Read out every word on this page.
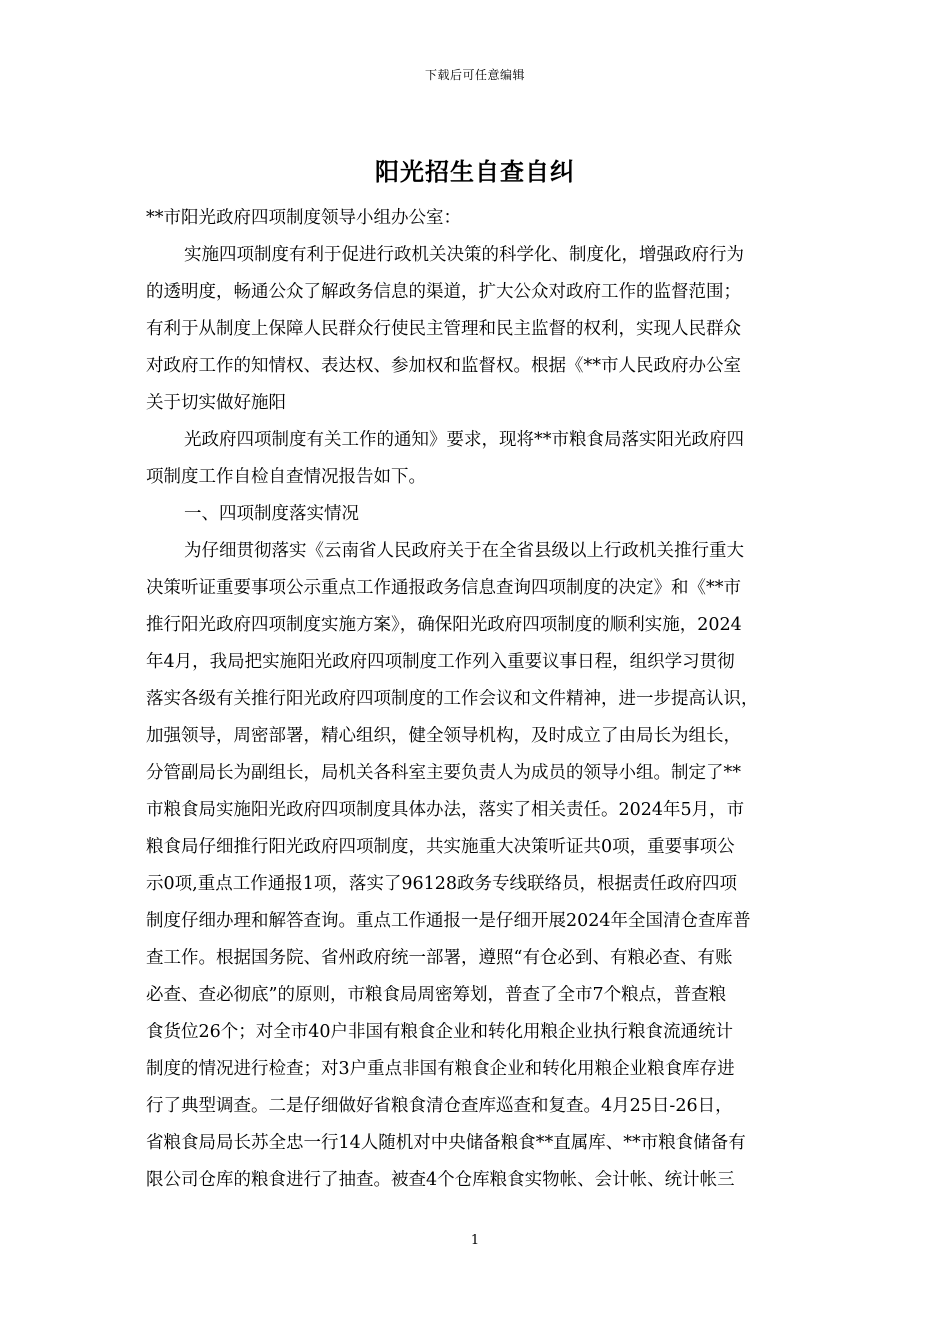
下载后可任意编辑
阳光招生自查自纠
**市阳光政府四项制度领导小组办公室：
实施四项制度有利于促进行政机关决策的科学化、制度化，增强政府行为
的透明度，畅通公众了解政务信息的渠道，扩大公众对政府工作的监督范围；
有利于从制度上保障人民群众行使民主管理和民主监督的权利，实现人民群众
对政府工作的知情权、表达权、参加权和监督权。根据《**市人民政府办公室
关于切实做好施阳
光政府四项制度有关工作的通知》要求，现将**市粮食局落实阳光政府四
项制度工作自检自查情况报告如下。
一、四项制度落实情况
为仔细贯彻落实《云南省人民政府关于在全省县级以上行政机关推行重大
决策听证重要事项公示重点工作通报政务信息查询四项制度的决定》和《**市
推行阳光政府四项制度实施方案》，确保阳光政府四项制度的顺利实施，2024
年4月，我局把实施阳光政府四项制度工作列入重要议事日程，组织学习贯彻
落实各级有关推行阳光政府四项制度的工作会议和文件精神，进一步提高认识，
加强领导，周密部署，精心组织，健全领导机构，及时成立了由局长为组长，
分管副局长为副组长，局机关各科室主要负责人为成员的领导小组。制定了**
市粮食局实施阳光政府四项制度具体办法，落实了相关责任。2024年5月，市
粮食局仔细推行阳光政府四项制度，共实施重大决策听证共0项，重要事项公
示0项,重点工作通报1项，落实了96128政务专线联络员，根据责任政府四项
制度仔细办理和解答查询。重点工作通报一是仔细开展2024年全国清仓查库普
查工作。根据国务院、省州政府统一部署，遵照“有仓必到、有粮必查、有账
必查、查必彻底”的原则，市粮食局周密筹划，普查了全市7个粮点，普查粮
食货位26个；对全市40户非国有粮食企业和转化用粮企业执行粮食流通统计
制度的情况进行检查；对3户重点非国有粮食企业和转化用粮企业粮食库存进
行了典型调查。二是仔细做好省粮食清仓查库巡查和复查。4月25日-26日，
省粮食局局长苏全忠一行14人随机对中央储备粮食**直属库、**市粮食储备有
限公司仓库的粮食进行了抽查。被查4个仓库粮食实物帐、会计帐、统计帐三
1
